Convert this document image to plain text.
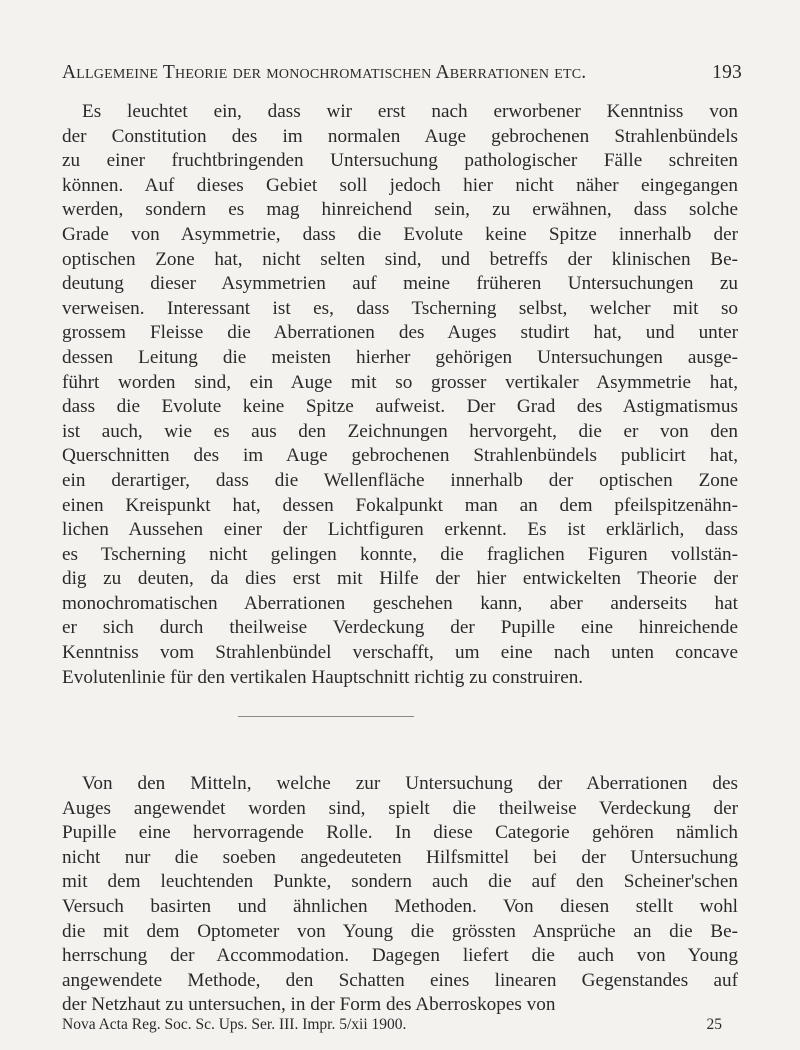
Allgemeine Theorie der monochromatischen Aberrationen etc.	193
Es leuchtet ein, dass wir erst nach erworbener Kenntniss von
der Constitution des im normalen Auge gebrochenen Strahlenbündels
zu einer fruchtbringenden Untersuchung pathologischer Fälle schreiten
können. Auf dieses Gebiet soll jedoch hier nicht näher eingegangen
werden, sondern es mag hinreichend sein, zu erwähnen, dass solche
Grade von Asymmetrie, dass die Evolute keine Spitze innerhalb der
optischen Zone hat, nicht selten sind, und betreffs der klinischen Be-
deutung dieser Asymmetrien auf meine früheren Untersuchungen zu
verweisen. Interessant ist es, dass Tscherning selbst, welcher mit so
grossem Fleisse die Aberrationen des Auges studirt hat, und unter
dessen Leitung die meisten hierher gehörigen Untersuchungen ausge-
führt worden sind, ein Auge mit so grosser vertikaler Asymmetrie hat,
dass die Evolute keine Spitze aufweist. Der Grad des Astigmatismus
ist auch, wie es aus den Zeichnungen hervorgeht, die er von den
Querschnitten des im Auge gebrochenen Strahlenbündels publicirt hat,
ein derartiger, dass die Wellenfläche innerhalb der optischen Zone
einen Kreispunkt hat, dessen Fokalpunkt man an dem pfeilspitzenähn-
lichen Aussehen einer der Lichtfiguren erkennt. Es ist erklärlich, dass
es Tscherning nicht gelingen konnte, die fraglichen Figuren vollstän-
dig zu deuten, da dies erst mit Hilfe der hier entwickelten Theorie der
monochromatischen Aberrationen geschehen kann, aber anderseits hat
er sich durch theilweise Verdeckung der Pupille eine hinreichende
Kenntniss vom Strahlenbündel verschafft, um eine nach unten concave
Evolutenlinie für den vertikalen Hauptschnitt richtig zu construiren.
Von den Mitteln, welche zur Untersuchung der Aberrationen des
Auges angewendet worden sind, spielt die theilweise Verdeckung der
Pupille eine hervorragende Rolle. In diese Categorie gehören nämlich
nicht nur die soeben angedeuteten Hilfsmittel bei der Untersuchung
mit dem leuchtenden Punkte, sondern auch die auf den Scheiner'schen
Versuch basirten und ähnlichen Methoden. Von diesen stellt wohl
die mit dem Optometer von Young die grössten Ansprüche an die Be-
herrschung der Accommodation. Dagegen liefert die auch von Young
angewendete Methode, den Schatten eines linearen Gegenstandes auf
der Netzhaut zu untersuchen, in der Form des Aberroskopes von
Nova Acta Reg. Soc. Sc. Ups. Ser. III. Impr. 5/xii 1900.	25
